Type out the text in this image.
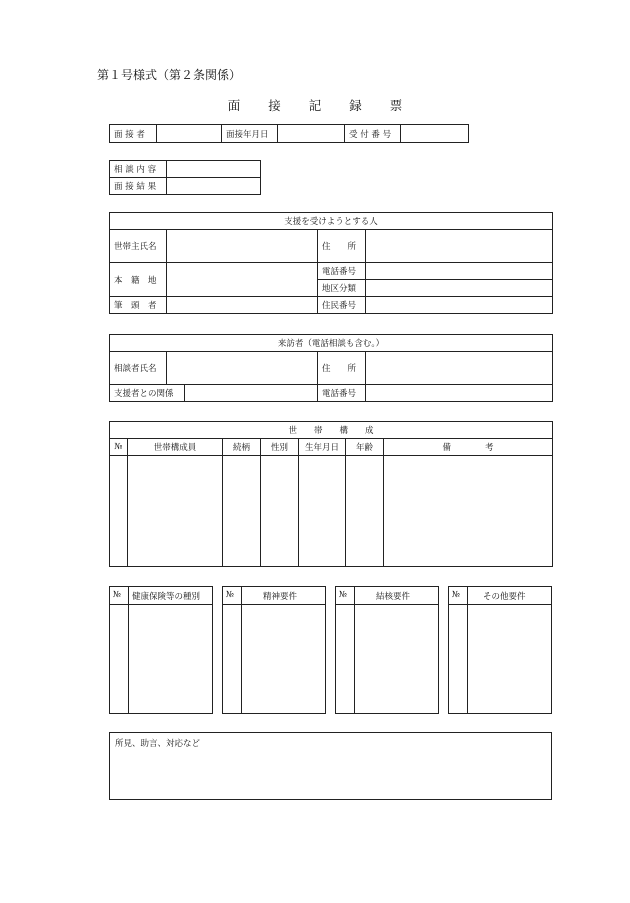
第１号様式（第２条関係）
面 接 記 録 票
面 接 者		面接年月日		受 付 番 号	
相 談 内 容	
面 接 結 果	
支援を受けようとする人			
世帯主氏名		住　　所	
本　籍　地		電話番号	
		地区分類	
筆　頭　者		住民番号	
来訪者（電話相談も含む。）				
相談者氏名			住　　所	
支援者との関係			電話番号	
世　　帯　　構　　成						
№	世帯構成員	続柄	性別	生年月日	年齢	備　　　　考

№ 健康保険等の種別	№	精神要件	№	結核要件	№	その他要件
所見、助言、対応など
